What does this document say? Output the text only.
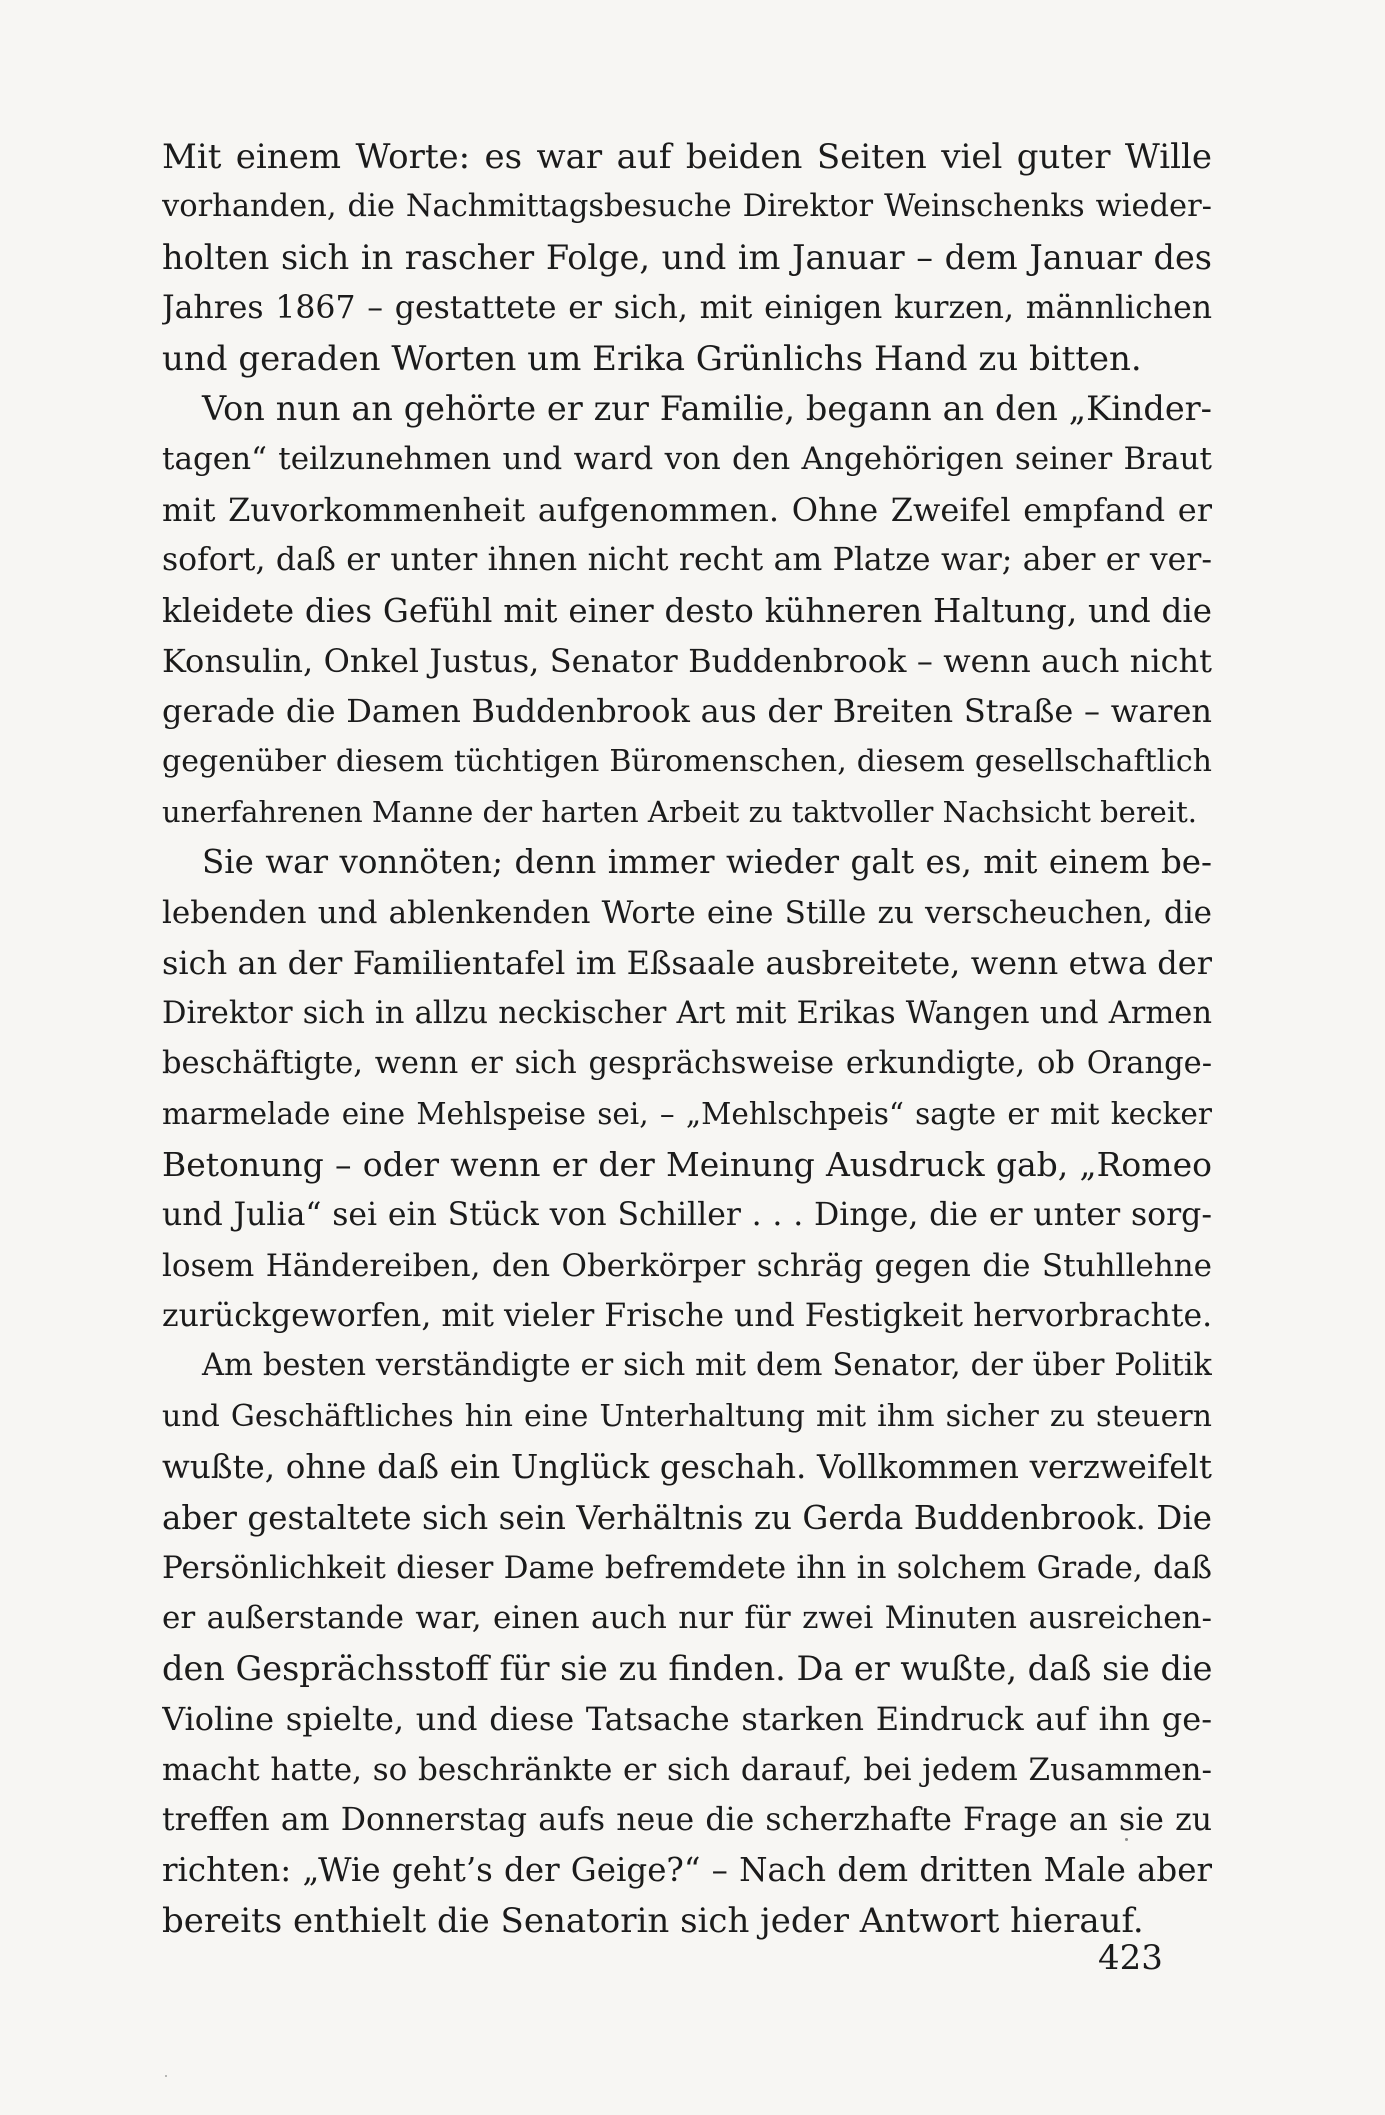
Mit einem Worte: es war auf beiden Seiten viel guter Wille
vorhanden, die Nachmittagsbesuche Direktor Weinschenks wieder-
holten sich in rascher Folge, und im Januar – dem Januar des
Jahres 1867 – gestattete er sich, mit einigen kurzen, männlichen
und geraden Worten um Erika Grünlichs Hand zu bitten.
Von nun an gehörte er zur Familie, begann an den „Kinder-
tagen“ teilzunehmen und ward von den Angehörigen seiner Braut
mit Zuvorkommenheit aufgenommen. Ohne Zweifel empfand er
sofort, daß er unter ihnen nicht recht am Platze war; aber er ver-
kleidete dies Gefühl mit einer desto kühneren Haltung, und die
Konsulin, Onkel Justus, Senator Buddenbrook – wenn auch nicht
gerade die Damen Buddenbrook aus der Breiten Straße – waren
gegenüber diesem tüchtigen Büromenschen, diesem gesellschaftlich
unerfahrenen Manne der harten Arbeit zu taktvoller Nachsicht bereit.
Sie war vonnöten; denn immer wieder galt es, mit einem be-
lebenden und ablenkenden Worte eine Stille zu verscheuchen, die
sich an der Familientafel im Eßsaale ausbreitete, wenn etwa der
Direktor sich in allzu neckischer Art mit Erikas Wangen und Armen
beschäftigte, wenn er sich gesprächsweise erkundigte, ob Orange-
marmelade eine Mehlspeise sei, – „Mehlschpeis“ sagte er mit kecker
Betonung – oder wenn er der Meinung Ausdruck gab, „Romeo
und Julia“ sei ein Stück von Schiller . . . Dinge, die er unter sorg-
losem Händereiben, den Oberkörper schräg gegen die Stuhllehne
zurückgeworfen, mit vieler Frische und Festigkeit hervorbrachte.
Am besten verständigte er sich mit dem Senator, der über Politik
und Geschäftliches hin eine Unterhaltung mit ihm sicher zu steuern
wußte, ohne daß ein Unglück geschah. Vollkommen verzweifelt
aber gestaltete sich sein Verhältnis zu Gerda Buddenbrook. Die
Persönlichkeit dieser Dame befremdete ihn in solchem Grade, daß
er außerstande war, einen auch nur für zwei Minuten ausreichen-
den Gesprächsstoff für sie zu finden. Da er wußte, daß sie die
Violine spielte, und diese Tatsache starken Eindruck auf ihn ge-
macht hatte, so beschränkte er sich darauf, bei jedem Zusammen-
treffen am Donnerstag aufs neue die scherzhafte Frage an sie zu
richten: „Wie geht’s der Geige?“ – Nach dem dritten Male aber
bereits enthielt die Senatorin sich jeder Antwort hierauf.
423
